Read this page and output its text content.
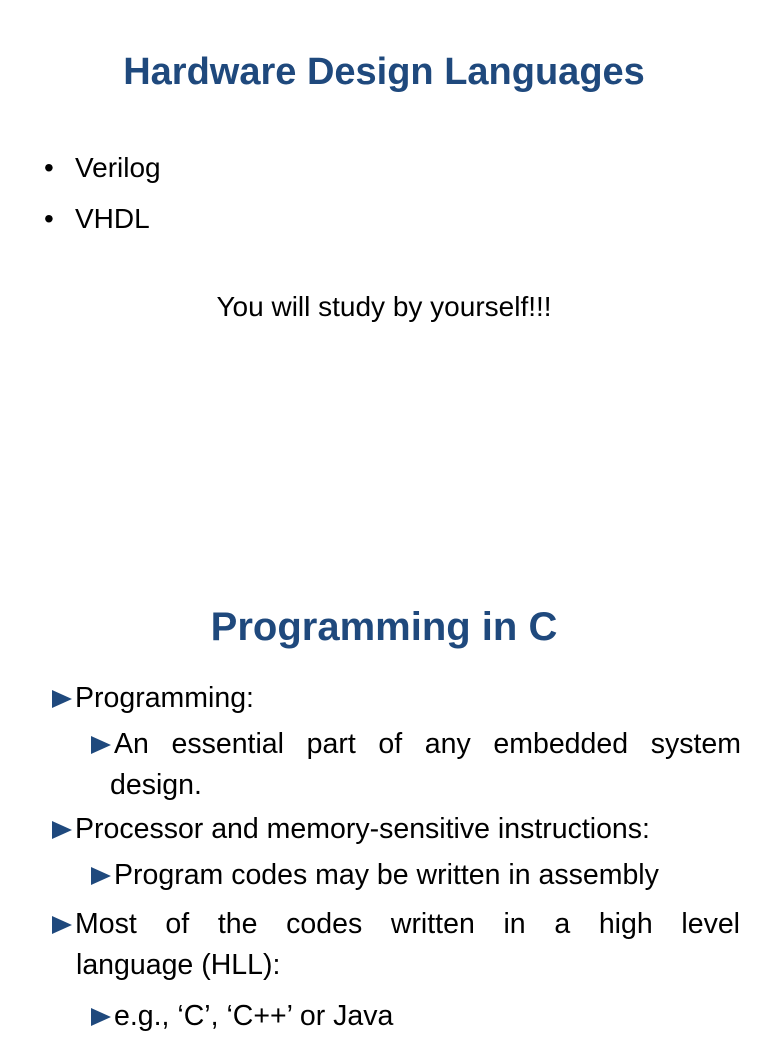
Hardware Design Languages
• Verilog
• VHDL
You will study by yourself!!!
Programming in C
Programming:
An essential part of any embedded system
design.
Processor and memory-sensitive instructions:
Program codes may be written in assembly
Most of the codes written in a high level
language (HLL):
e.g., ‘C’, ‘C++’ or Java
